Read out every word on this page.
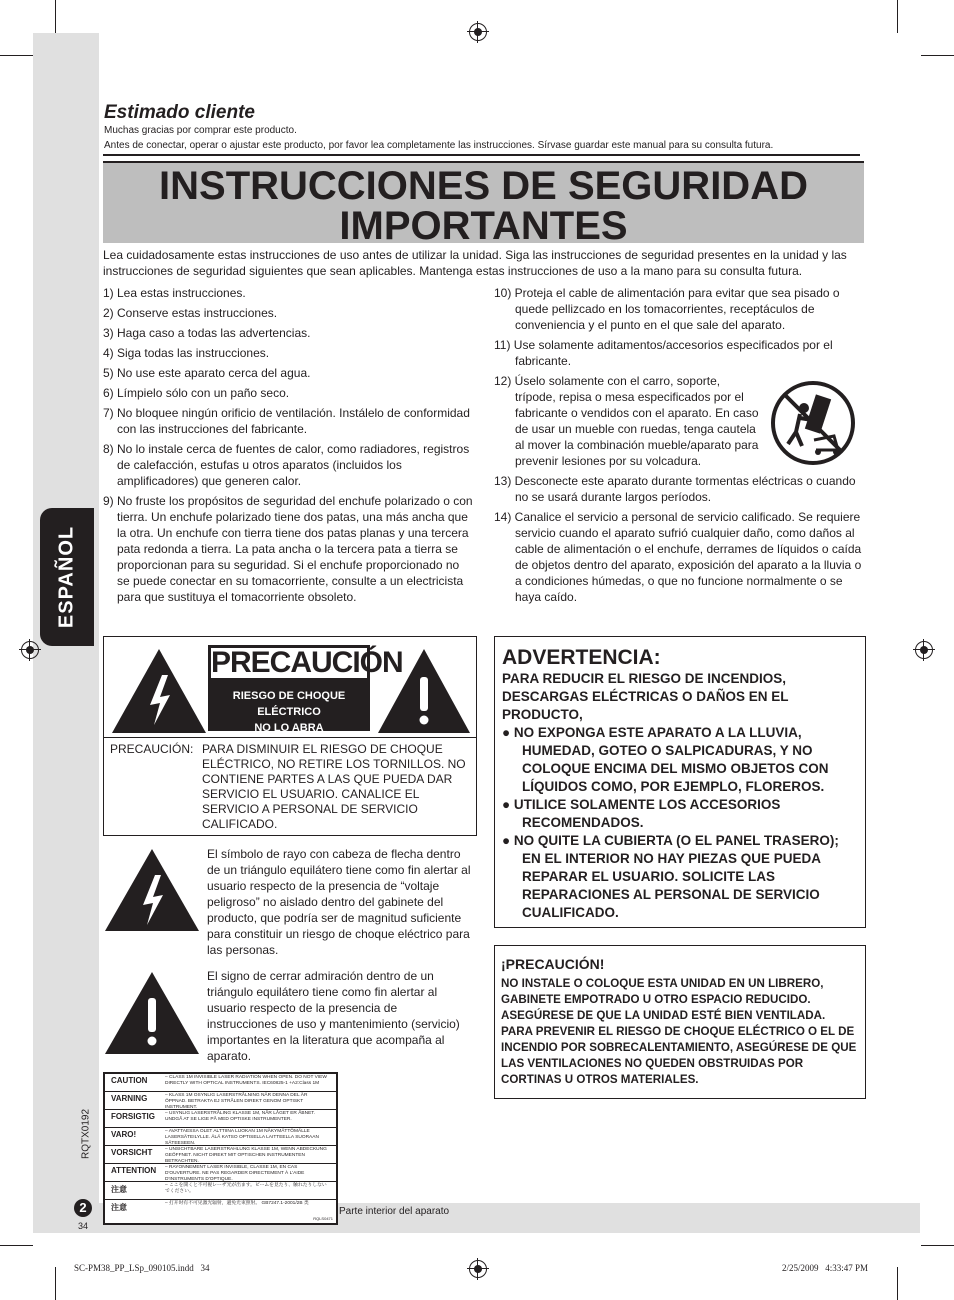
ESPAÑOL
Estimado cliente
Muchas gracias por comprar este producto.
Antes de conectar, operar o ajustar este producto, por favor lea completamente las instrucciones. Sírvase guardar este manual para su consulta futura.
INSTRUCCIONES DE SEGURIDAD
IMPORTANTES
Lea cuidadosamente estas instrucciones de uso antes de utilizar la unidad. Siga las instrucciones de seguridad presentes en la unidad y las instrucciones de seguridad siguientes que sean aplicables. Mantenga estas instrucciones de uso a la mano para su consulta futura.
1) Lea estas instrucciones.
2) Conserve estas instrucciones.
3) Haga caso a todas las advertencias.
4) Siga todas las instrucciones.
5) No use este aparato cerca del agua.
6) Límpielo sólo con un paño seco.
7) No bloquee ningún orificio de ventilación. Instálelo de conformidad con las instrucciones del fabricante.
8) No lo instale cerca de fuentes de calor, como radiadores, registros de calefacción, estufas u otros aparatos (incluidos los amplificadores) que generen calor.
9) No fruste los propósitos de seguridad del enchufe polarizado o con tierra. Un enchufe polarizado tiene dos patas, una más ancha que la otra. Un enchufe con tierra tiene dos patas planas y una tercera pata redonda a tierra. La pata ancha o la tercera pata a tierra se proporcionan para su seguridad. Si el enchufe proporcionado no se puede conectar en su tomacorriente, consulte a un electricista para que sustituya el tomacorriente obsoleto.
10) Proteja el cable de alimentación para evitar que sea pisado o quede pellizcado en los tomacorrientes, receptáculos de conveniencia y el punto en el que sale del aparato.
11) Use solamente aditamentos/accesorios especificados por el fabricante.
12) Úselo solamente con el carro, soporte, trípode, repisa o mesa especificados por el fabricante o vendidos con el aparato. En caso de usar un mueble con ruedas, tenga cautela al mover la combinación mueble/aparato para prevenir lesiones por su volcadura.
13) Desconecte este aparato durante tormentas eléctricas o cuando no se usará durante largos períodos.
14) Canalice el servicio a personal de servicio calificado. Se requiere servicio cuando el aparato sufrió cualquier daño, como daños al cable de alimentación o el enchufe, derrames de líquidos o caída de objetos dentro del aparato, exposición del aparato a la lluvia o a condiciones húmedas, o que no funcione normalmente o se haya caído.
PRECAUCIÓN
RIESGO DE CHOQUE
ELÉCTRICO
NO LO ABRA
PRECAUCIÓN: PARA DISMINUIR EL RIESGO DE CHOQUE ELÉCTRICO, NO RETIRE LOS TORNILLOS. NO CONTIENE PARTES A LAS QUE PUEDA DAR SERVICIO EL USUARIO. CANALICE EL SERVICIO A PERSONAL DE SERVICIO CALIFICADO.
El símbolo de rayo con cabeza de flecha dentro de un triángulo equilátero tiene como fin alertar al usuario respecto de la presencia de “voltaje peligroso” no aislado dentro del gabinete del producto, que podría ser de magnitud suficiente para constituir un riesgo de choque eléctrico para las personas.
El signo de cerrar admiración dentro de un triángulo equilátero tiene como fin alertar al usuario respecto de la presencia de instrucciones de uso y mantenimiento (servicio) importantes en la literatura que acompaña al aparato.
CAUTION	– CLASS 1M INVISIBLE LASER RADIATION WHEN OPEN. DO NOT VIEW DIRECTLY WITH OPTICAL INSTRUMENTS. IEC60825-1 +A2:Class 1M
VARNING	– KLASS 1M OSYNLIG LASERSTRÅLNING NÄR DENNA DEL ÄR ÖPPNAD. BETRAKTA EJ STRÅLEN DIREKT GENOM OPTISKT INSTRUMENT.
FORSIGTIG – USYNLIG LASERSTRÅLING KLASSE 1M, NÅR LÅGET ER ÅBNET. UNDGÅ AT SE LIGE PÅ MED OPTISKE INSTRUMENTER.
VARO!	– AVATTAESSA OLET ALTTIINA LUOKAN 1M NÄKYMÄTTÖMÄLLE LASERSÄTEILYLLE. ÄLÄ KATSO OPTISELLA LAITTEELLA SUORAAN SÄTEESEEN.
VORSICHT	– UNSICHTBARE LASERSTRAHLUNG KLASSE 1M, WENN ABDECKUNG GEÖFFNET. NICHT DIREKT MIT OPTISCHEN INSTRUMENTEN BETRACHTEN.
ATTENTION – RAYONNEMENT LASER INVISIBLE, CLASSE 1M, EN CAS D'OUVERTURE. NE PAS REGARDER DIRECTEMENT À L'AIDE D'INSTRUMENTS D'OPTIQUE.
注意	– ここを開くと不可視レーザ光が出ます。ビームを見たり、触れたりしないでください。
注意	– 打开时有不可见激光辐射，避免光束照射。 GB7247.1-2001/2B 类
RQLS0471
Parte interior del aparato
ADVERTENCIA:
PARA REDUCIR EL RIESGO DE INCENDIOS, DESCARGAS ELÉCTRICAS O DAÑOS EN EL PRODUCTO,
● NO EXPONGA ESTE APARATO A LA LLUVIA, HUMEDAD, GOTEO O SALPICADURAS, Y NO COLOQUE ENCIMA DEL MISMO OBJETOS CON LÍQUIDOS COMO, POR EJEMPLO, FLOREROS.
● UTILICE SOLAMENTE LOS ACCESORIOS RECOMENDADOS.
● NO QUITE LA CUBIERTA (O EL PANEL TRASERO); EN EL INTERIOR NO HAY PIEZAS QUE PUEDA REPARAR EL USUARIO. SOLICITE LAS REPARACIONES AL PERSONAL DE SERVICIO CUALIFICADO.
¡PRECAUCIÓN!
NO INSTALE O COLOQUE ESTA UNIDAD EN UN LIBRERO, GABINETE EMPOTRADO U OTRO ESPACIO REDUCIDO. ASEGÚRESE DE QUE LA UNIDAD ESTÉ BIEN VENTILADA.
PARA PREVENIR EL RIESGO DE CHOQUE ELÉCTRICO O EL DE INCENDIO POR SOBRECALENTAMIENTO, ASEGÚRESE DE QUE LAS VENTILACIONES NO QUEDEN OBSTRUIDAS POR CORTINAS U OTROS MATERIALES.
RQTX0192
2
34
SC-PM38_PP_LSp_090105.indd   34	2/25/2009   4:33:47 PM
